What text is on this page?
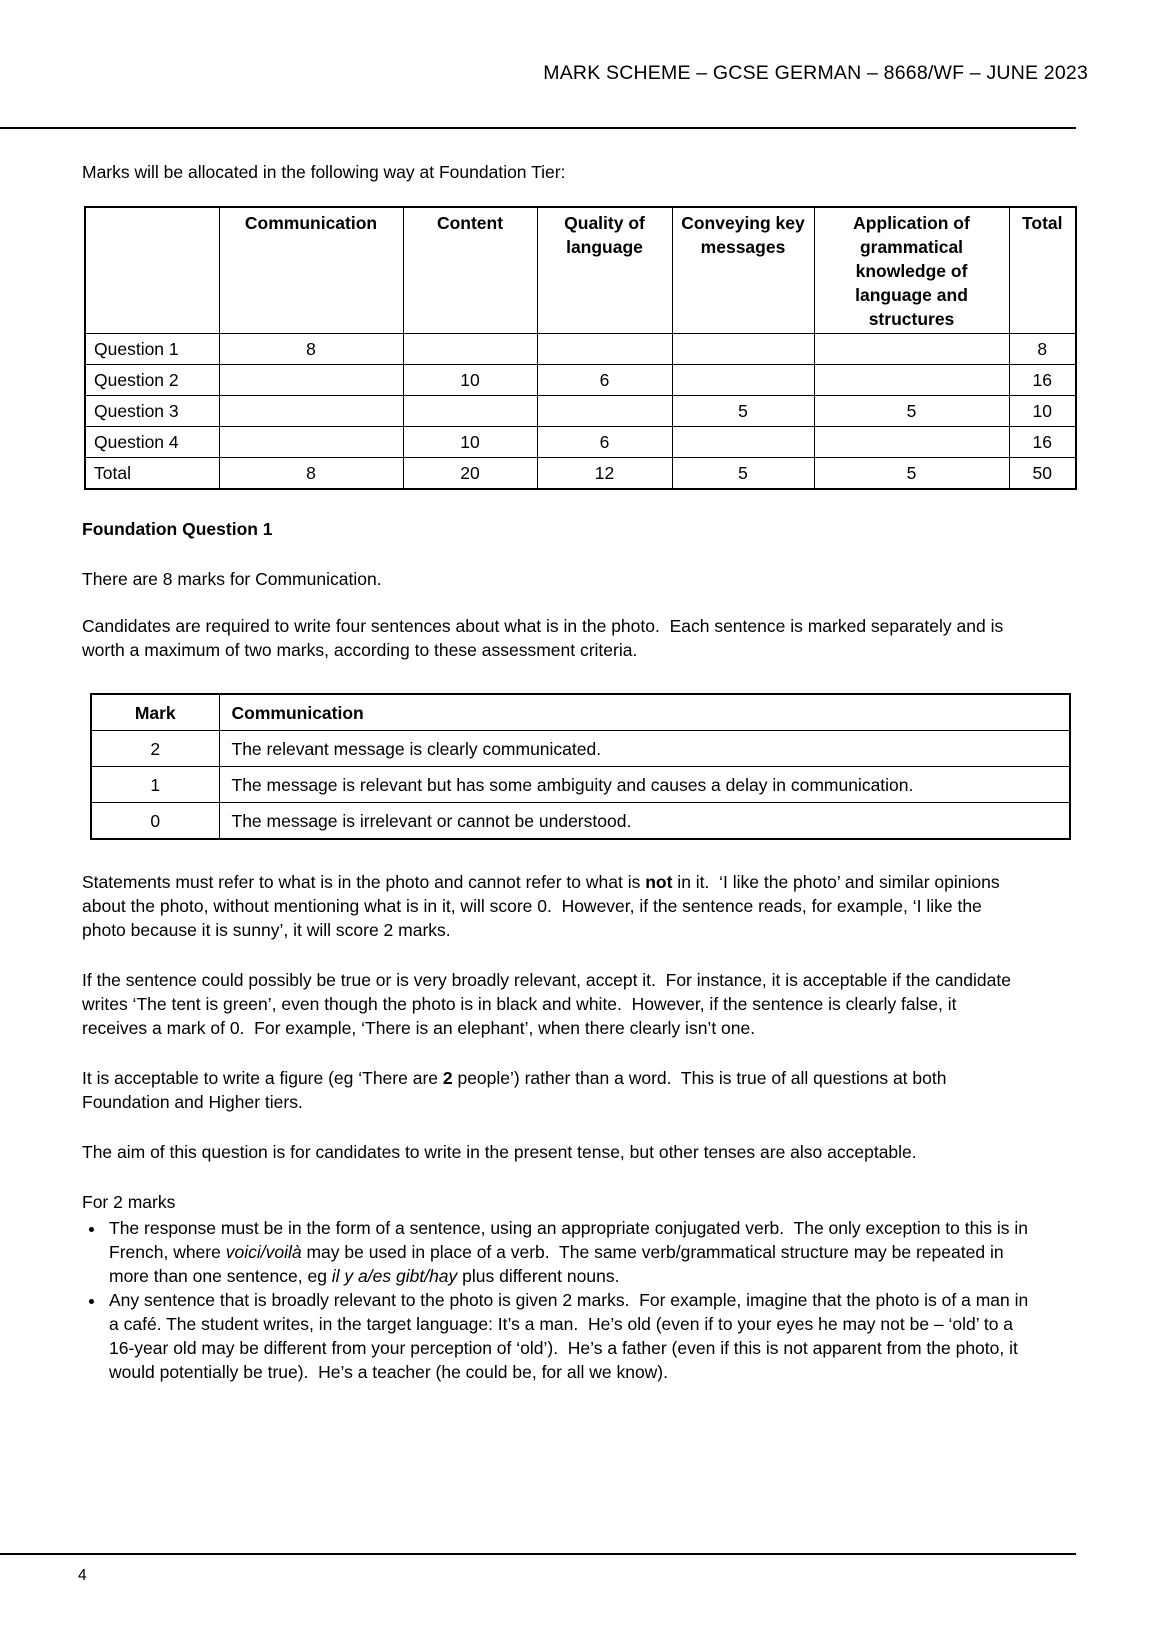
MARK SCHEME – GCSE GERMAN – 8668/WF – JUNE 2023

Marks will be allocated in the following way at Foundation Tier:

	Communication	Content	Quality of language	Conveying key messages	Application of grammatical knowledge of language and structures	Total
Question 1	8					8
Question 2		10	6			16
Question 3				5	5	10
Question 4		10	6			16
Total	8	20	12	5	5	50
Foundation Question 1

There are 8 marks for Communication.

Candidates are required to write four sentences about what is in the photo.  Each sentence is marked separately and is worth a maximum of two marks, according to these assessment criteria.

Mark	Communication
2	The relevant message is clearly communicated.
1	The message is relevant but has some ambiguity and causes a delay in communication.
0	The message is irrelevant or cannot be understood.

Statements must refer to what is in the photo and cannot refer to what is not in it.  ‘I like the photo’ and similar opinions about the photo, without mentioning what is in it, will score 0.  However, if the sentence reads, for example, ‘I like the photo because it is sunny’, it will score 2 marks.

If the sentence could possibly be true or is very broadly relevant, accept it.  For instance, it is acceptable if the candidate writes ‘The tent is green’, even though the photo is in black and white.  However, if the sentence is clearly false, it receives a mark of 0.  For example, ‘There is an elephant’, when there clearly isn’t one.

It is acceptable to write a figure (eg ‘There are 2 people’) rather than a word.  This is true of all questions at both Foundation and Higher tiers.

The aim of this question is for candidates to write in the present tense, but other tenses are also acceptable.

For 2 marks

• The response must be in the form of a sentence, using an appropriate conjugated verb.  The only exception to this is in French, where voici/voilà may be used in place of a verb.  The same verb/grammatical structure may be repeated in more than one sentence, eg il y a/es gibt/hay plus different nouns.
• Any sentence that is broadly relevant to the photo is given 2 marks.  For example, imagine that the photo is of a man in a café. The student writes, in the target language: It’s a man.  He’s old (even if to your eyes he may not be – ‘old’ to a 16-year old may be different from your perception of ‘old’).  He’s a father (even if this is not apparent from the photo, it would potentially be true).  He’s a teacher (he could be, for all we know).
4
